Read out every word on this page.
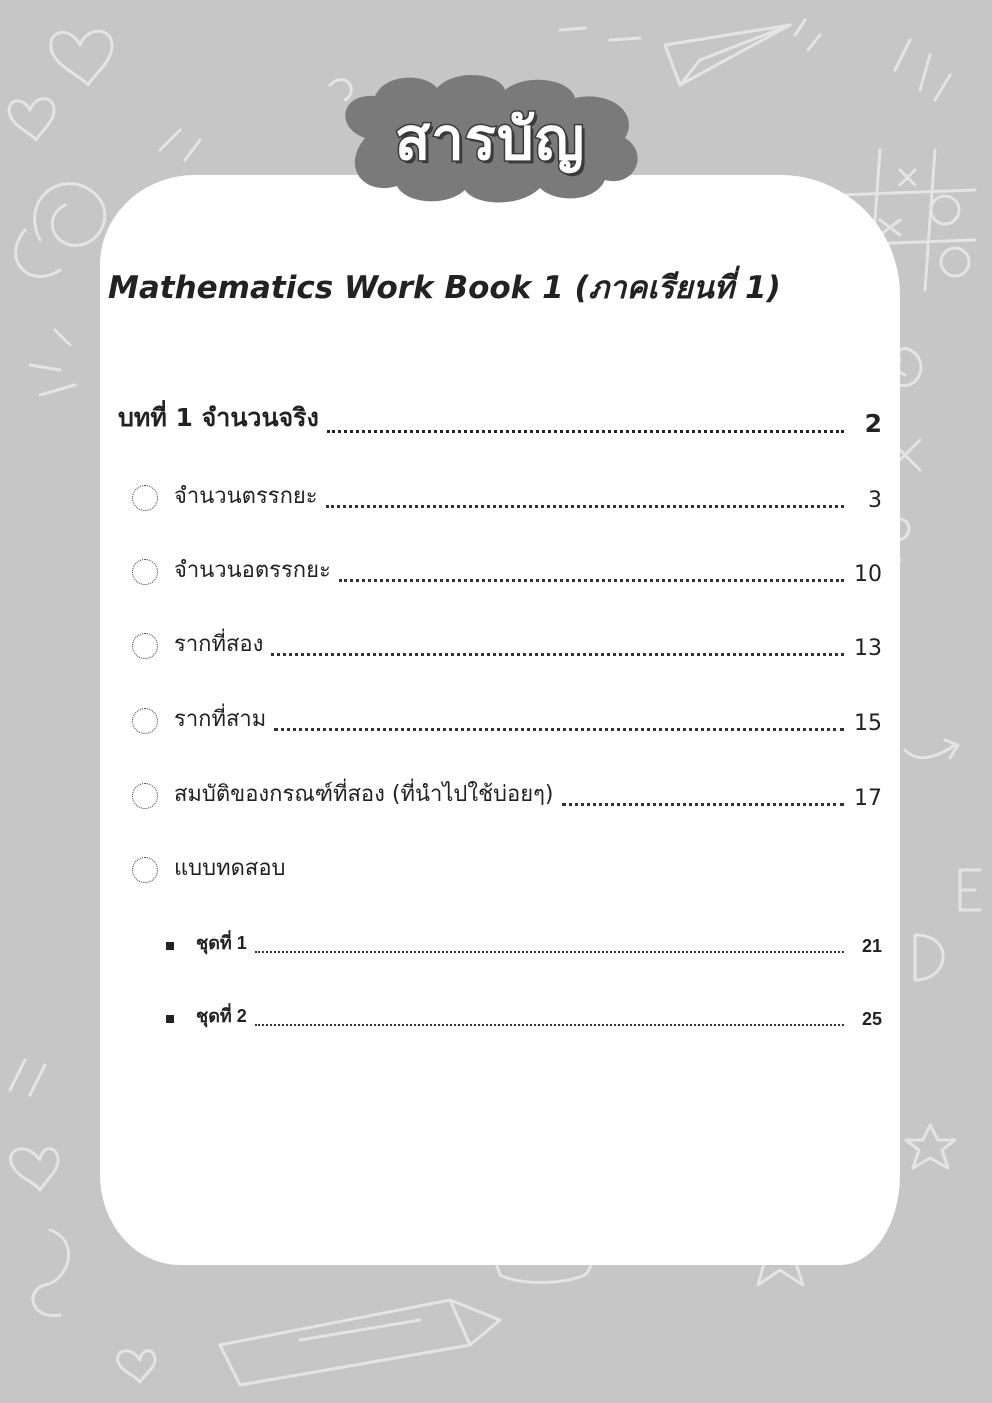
สารบัญ
Mathematics Work Book 1 (ภาคเรียนที่ 1)
บทที่ 1 จำนวนจริง	2
จำนวนตรรกยะ	3
จำนวนอตรรกยะ	10
รากที่สอง	13
รากที่สาม	15
สมบัติของกรณฑ์ที่สอง (ที่นำไปใช้บ่อยๆ)	17
แบบทดสอบ
ชุดที่ 1	21
ชุดที่ 2	25
